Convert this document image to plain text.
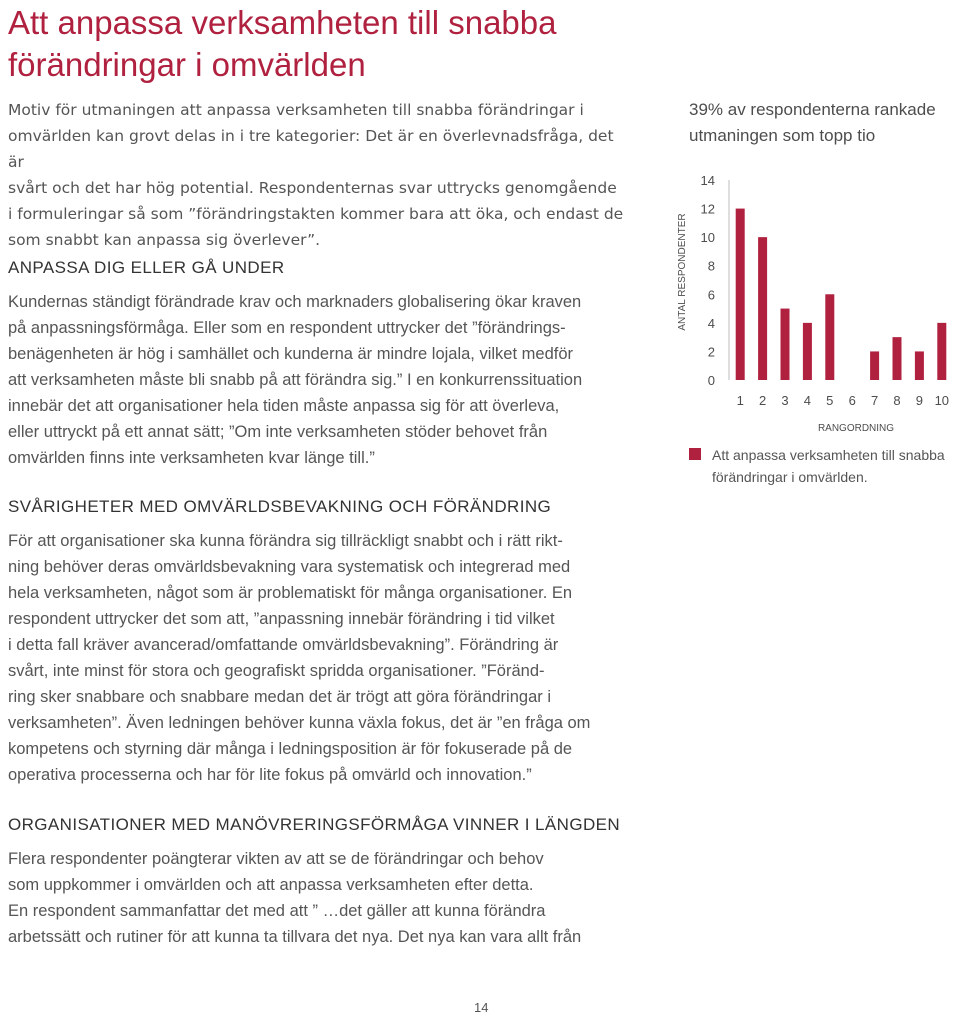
Att anpassa verksamheten till snabba
förändringar i omvärlden

Motiv för utmaningen att anpassa verksamheten till snabba förändringar i
omvärlden kan grovt delas in i tre kategorier: Det är en överlevnadsfråga, det är
svårt och det har hög potential. Respondenternas svar uttrycks genomgående
i formuleringar så som ”förändringstakten kommer bara att öka, och endast de
som snabbt kan anpassa sig överlever”.

ANPASSA DIG ELLER GÅ UNDER

Kundernas ständigt förändrade krav och marknaders globalisering ökar kraven
på anpassningsförmåga. Eller som en respondent uttrycker det ”förändrings-
benägenheten är hög i samhället och kunderna är mindre lojala, vilket medför
att verksamheten måste bli snabb på att förändra sig.” I en konkurrenssituation
innebär det att organisationer hela tiden måste anpassa sig för att överleva,
eller uttryckt på ett annat sätt; ”Om inte verksamheten stöder behovet från
omvärlden finns inte verksamheten kvar länge till.”

SVÅRIGHETER MED OMVÄRLDSBEVAKNING OCH FÖRÄNDRING

För att organisationer ska kunna förändra sig tillräckligt snabbt och i rätt rikt-
ning behöver deras omvärldsbevakning vara systematisk och integrerad med
hela verksamheten, något som är problematiskt för många organisationer. En
respondent uttrycker det som att, ”anpassning innebär förändring i tid vilket
i detta fall kräver avancerad/omfattande omvärldsbevakning”. Förändring är
svårt, inte minst för stora och geografiskt spridda organisationer. ”Föränd-
ring sker snabbare och snabbare medan det är trögt att göra förändringar i
verksamheten”. Även ledningen behöver kunna växla fokus, det är ”en fråga om
kompetens och styrning där många i ledningsposition är för fokuserade på de
operativa processerna och har för lite fokus på omvärld och innovation.”

ORGANISATIONER MED MANÖVRERINGSFÖRMÅGA VINNER I LÄNGDEN

Flera respondenter poängterar vikten av att se de förändringar och behov
som uppkommer i omvärlden och att anpassa verksamheten efter detta.
En respondent sammanfattar det med att ” …det gäller att kunna förändra
arbetssätt och rutiner för att kunna ta tillvara det nya. Det nya kan vara allt från

14
39% av respondenterna rankade utmaningen som topp tio
0
2
4
6
8
10
12
14
1 2 3 4 5 6 7 8 9 10
RANGORDNING
ANTAL RESPONDENTER
Att anpassa verksamheten till snabba förändringar i omvärlden.
